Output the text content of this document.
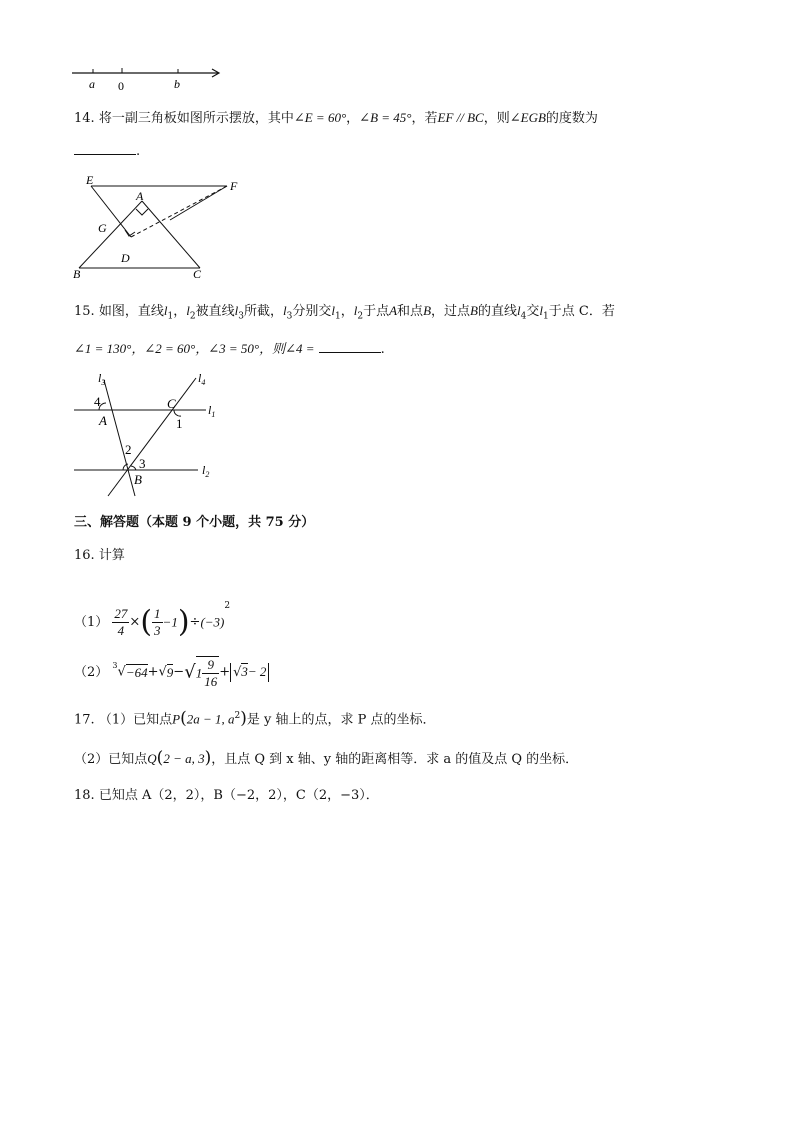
a 0	b
14. 将一副三角板如图所示摆放，其中∠E = 60°，∠B = 45°，若EF // BC，则∠EGB的度数为
.
E	F
A
G
B	C
D
15. 如图，直线$l_1$，$l_2$被直线$l_3$所截，$l_3$分别交$l_1$，$l_2$于点A和点B，过点B的直线$l_4$交$l_1$于点 C．若
∠1 = 130°，∠2 = 60°，∠3 = 50°，则∠4 =	.
$l_3$	$l_4$
4	C	$l_1$
A	1
2
3	$l_2$
B
三、解答题（本题 9 个小题，共 75 分）
16. 计算
$(1) \frac{27}{4}$ ×( $\frac{1}{3} -1)\div(-3)^2$
（2） $^3√-64+√9-√1 \frac{9}{16} + √3- 2$
17. （1）已知点P(2a − 1, $a^2$)是 y 轴上的点，求 P 点的坐标．
（2）已知点Q(2 − a, 3)，且点 Q 到 x 轴、y 轴的距离相等．求 a 的值及点 Q 的坐标．
18. 已知点 A（2，2），B（−2，2），C（2，−3）．
